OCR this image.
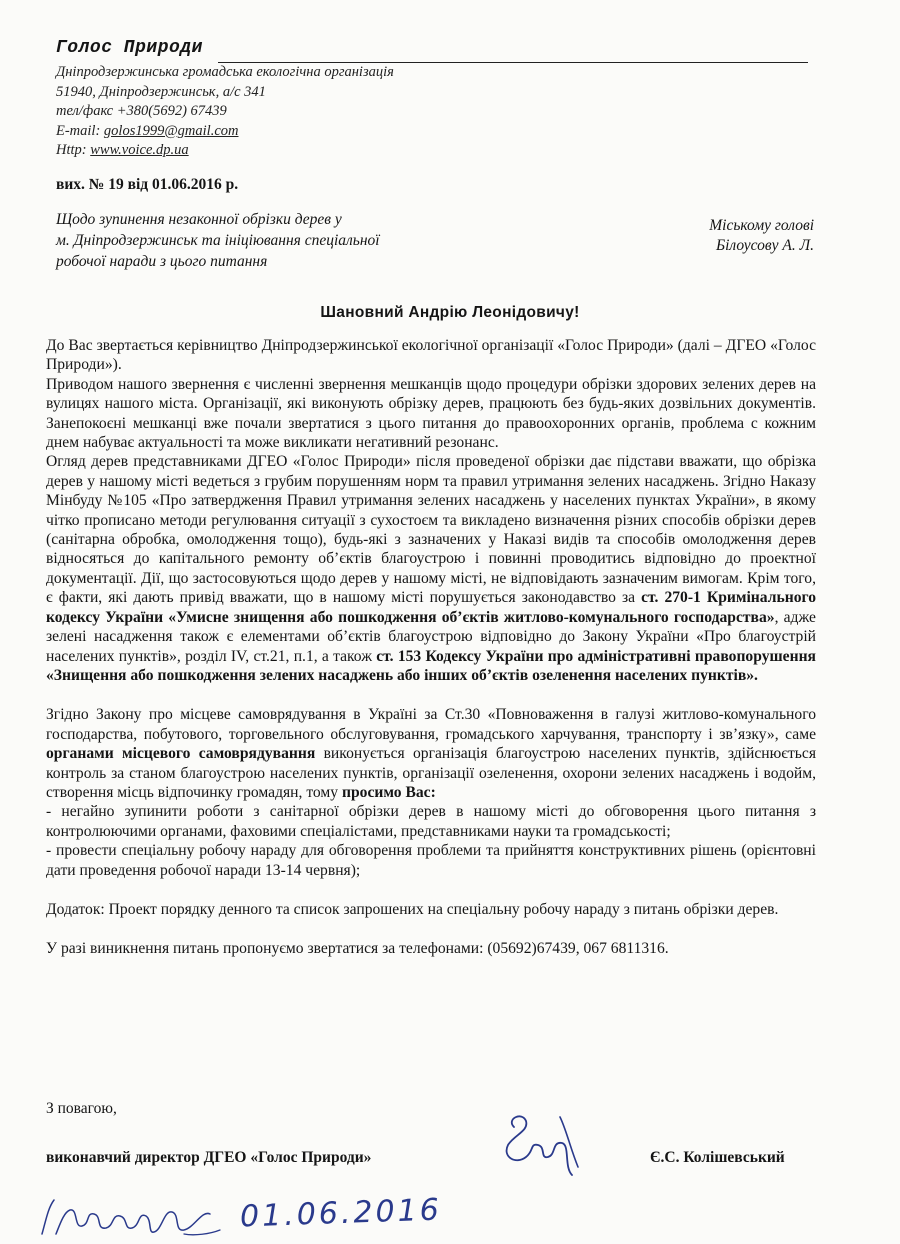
Голос Природи
Дніпродзержинська громадська екологічна організація
51940, Дніпродзержинськ, а/с 341
тел/факс +380(5692) 67439
E-mail: golos1999@gmail.com
Http: www.voice.dp.ua
вих. № 19 від 01.06.2016 р.
Щодо зупинення незаконної обрізки дерев у
м. Дніпродзержинськ та ініціювання спеціальної
робочої наради з цього питання
Міському голові
Білоусову А. Л.
Шановний Андрію Леонідовичу!

До Вас звертається керівництво Дніпродзержинської екологічної організації «Голос Природи» (далі – ДГЕО «Голос Природи»).

Приводом нашого звернення є численні звернення мешканців щодо процедури обрізки здорових зелених дерев на вулицях нашого міста. Організації, які виконують обрізку дерев, працюють без будь-яких дозвільних документів. Занепокоєні мешканці вже почали звертатися з цього питання до правоохоронних органів, проблема с кожним днем набуває актуальності та може викликати негативний резонанс.

Огляд дерев представниками ДГЕО «Голос Природи» після проведеної обрізки дає підстави вважати, що обрізка дерев у нашому місті ведеться з грубим порушенням норм та правил утримання зелених насаджень. Згідно Наказу Мінбуду №105 «Про затвердження Правил утримання зелених насаджень у населених пунктах України», в якому чітко прописано методи регулювання ситуації з сухостоєм та викладено визначення різних способів обрізки дерев (санітарна обробка, омолодження тощо), будь-які з зазначених у Наказі видів та способів омолодження дерев відносяться до капітального ремонту об’єктів благоустрою і повинні проводитись відповідно до проектної документації. Дії, що застосовуються щодо дерев у нашому місті, не відповідають зазначеним вимогам. Крім того, є факти, які дають привід вважати, що в нашому місті порушується законодавство за ст. 270-1 Кримінального кодексу України «Умисне знищення або пошкодження об’єктів житлово-комунального господарства», адже зелені насадження також є елементами об’єктів благоустрою відповідно до Закону України «Про благоустрій населених пунктів», розділ IV, ст.21, п.1, а також ст. 153 Кодексу України про адміністративні правопорушення «Знищення або пошкодження зелених насаджень або інших об’єктів озеленення населених пунктів».

Згідно Закону про місцеве самоврядування в Україні за Ст.30 «Повноваження в галузі житлово-комунального господарства, побутового, торговельного обслуговування, громадського харчування, транспорту і зв’язку», саме органами місцевого самоврядування виконується організація благоустрою населених пунктів, здійснюється контроль за станом благоустрою населених пунктів, організації озеленення, охорони зелених насаджень і водойм, створення місць відпочинку громадян, тому просимо Вас:

- негайно зупинити роботи з санітарної обрізки дерев в нашому місті до обговорення цього питання з контролюючими органами, фаховими спеціалістами, представниками науки та громадськості;

- провести спеціальну робочу нараду для обговорення проблеми та прийняття конструктивних рішень (орієнтовні дати проведення робочої наради 13-14 червня);

Додаток: Проект порядку денного та список запрошених на спеціальну робочу нараду з питань обрізки дерев.

У разі виникнення питань пропонуємо звертатися за телефонами: (05692)67439, 067 6811316.

З повагою,
виконавчий директор ДГЕО «Голос Природи»	Є.С. Колішевський
01.06.2016
